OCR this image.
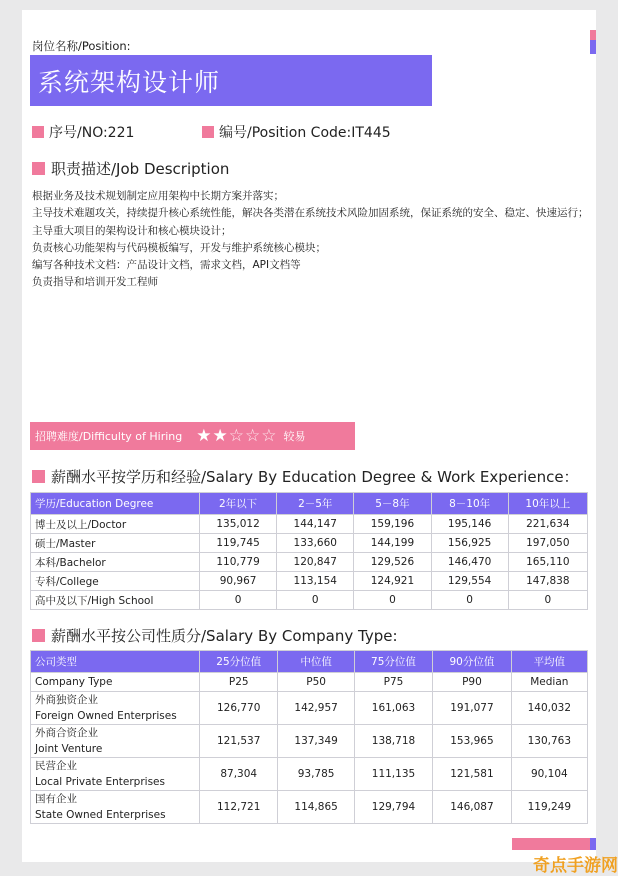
岗位名称/Position:
系统架构设计师
序号/NO:221	编号/Position Code:IT445
职责描述/Job Description
根据业务及技术规划制定应用架构中长期方案并落实；
主导技术难题攻关，持续提升核心系统性能，解决各类潜在系统技术风险加固系统，保证系统的安全、稳定、快速运行；
主导重大项目的架构设计和核心模块设计；
负责核心功能架构与代码模板编写，开发与维护系统核心模块；
编写各种技术文档：产品设计文档，需求文档，API文档等
负责指导和培训开发工程师
招聘难度/Difficulty of Hiring ★★☆☆☆ 较易
薪酬水平按学历和经验/Salary By Education Degree & Work Experience：
学历/Education Degree	2年以下	2－5年	5－8年	8－10年	10年以上
博士及以上/Doctor	135,012	144,147	159,196	195,146	221,634
硕士/Master	119,745	133,660	144,199	156,925	197,050
本科/Bachelor	110,779	120,847	129,526	146,470	165,110
专科/College	90,967	113,154	124,921	129,554	147,838
高中及以下/High School	0	0	0	0	0
薪酬水平按公司性质分/Salary By Company Type:
公司类型	25分位值	中位值	75分位值	90分位值	平均值
Company Type	P25	P50	P75	P90	Median

外商独资企业
Foreign Owned Enterprises	126,770	142,957	161,063	191,077	140,032

外商合资企业
Joint Venture	121,537	137,349	138,718	153,965	130,763

民营企业
Local Private Enterprises	87,304	93,785	111,135	121,581	90,104

国有企业
State Owned Enterprises	112,721	114,865	129,794	146,087	119,249
奇点手游网
